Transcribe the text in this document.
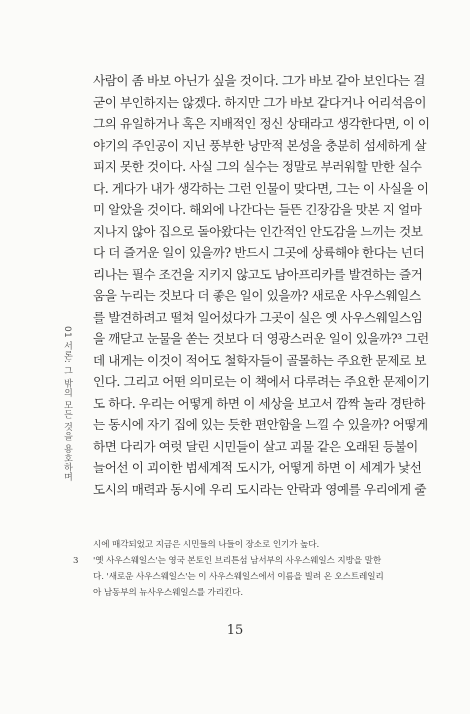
01 서론: 그 밖의 모든 것을 용호하며
사람이 좀 바보 아닌가 싶을 것이다. 그가 바보 같아 보인다는 걸
굳이 부인하지는 않겠다. 하지만 그가 바보 같다거나 어리석음이
그의 유일하거나 혹은 지배적인 정신 상태라고 생각한다면, 이 이
야기의 주인공이 지닌 풍부한 낭만적 본성을 충분히 섬세하게 살
피지 못한 것이다. 사실 그의 실수는 정말로 부러워할 만한 실수
다. 게다가 내가 생각하는 그런 인물이 맞다면, 그는 이 사실을 이
미 알았을 것이다. 해외에 나간다는 들뜬 긴장감을 맛본 지 얼마
지나지 않아 집으로 돌아왔다는 인간적인 안도감을 느끼는 것보
다 더 즐거운 일이 있을까? 반드시 그곳에 상륙해야 한다는 넌더
리나는 필수 조건을 지키지 않고도 남아프리카를 발견하는 즐거
움을 누리는 것보다 더 좋은 일이 있을까? 새로운 사우스웨일스
를 발견하려고 떨쳐 일어섰다가 그곳이 실은 옛 사우스웨일스임
을 깨닫고 눈물을 쏟는 것보다 더 영광스러운 일이 있을까?³ 그런
데 내게는 이것이 적어도 철학자들이 골몰하는 주요한 문제로 보
인다. 그리고 어떤 의미로는 이 책에서 다루려는 주요한 문제이기
도 하다. 우리는 어떻게 하면 이 세상을 보고서 깜짝 놀라 경탄하
는 동시에 자기 집에 있는 듯한 편안함을 느낄 수 있을까? 어떻게
하면 다리가 여럿 달린 시민들이 살고 괴물 같은 오래된 등불이
늘어선 이 괴이한 범세계적 도시가, 어떻게 하면 이 세계가 낯선
도시의 매력과 동시에 우리 도시라는 안락과 영예를 우리에게 줄
시에 매각되었고 지금은 시민들의 나들이 장소로 인기가 높다.
3 '옛 사우스웨일스'는 영국 본토인 브리튼섬 남서부의 사우스웨일스 지방을 말한
다. '새로운 사우스웨일스'는 이 사우스웨일스에서 이름을 빌려 온 오스트레일리
아 남동부의 뉴사우스웨일스를 가리킨다.
15
